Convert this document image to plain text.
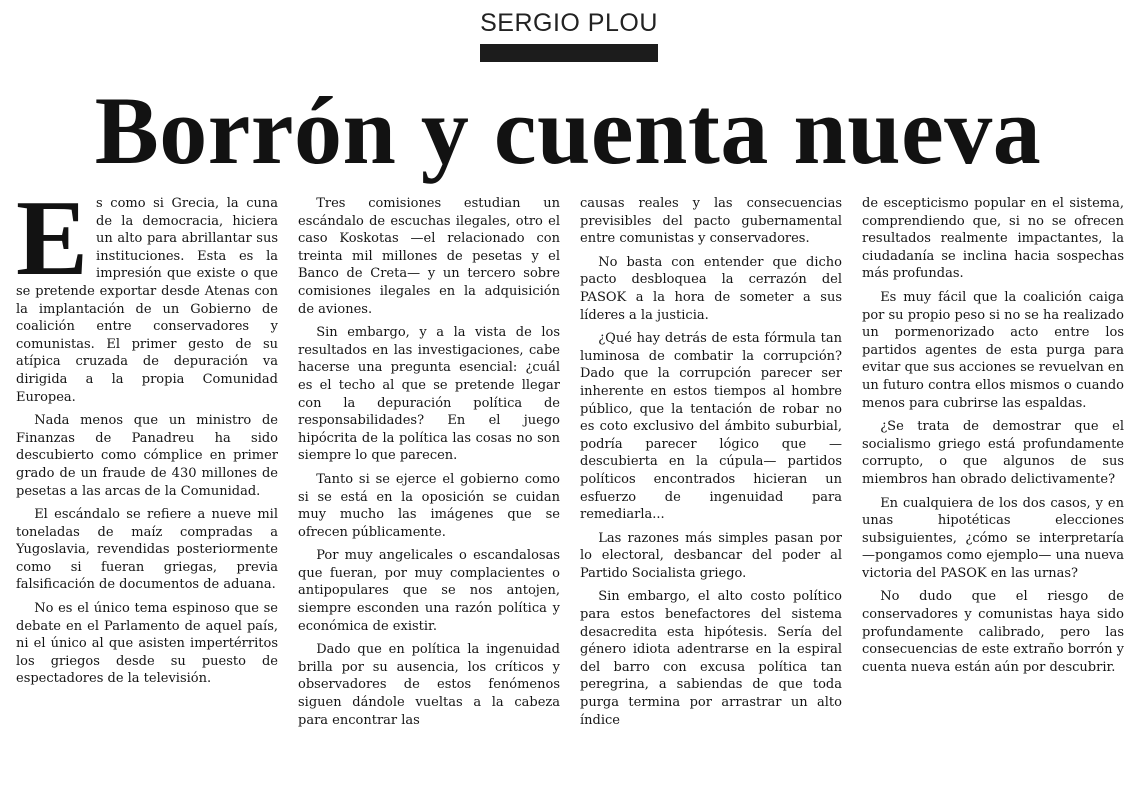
SERGIO PLOU
Borrón y cuenta nueva

Es como si Grecia, la cuna de la democracia, hiciera un alto para abrillantar sus instituciones. Esta es la impresión que existe o que se pretende exportar desde Atenas con la implantación de un Gobierno de coalición entre conservadores y comunistas. El primer gesto de su atípica cruzada de depuración va dirigida a la propia Comunidad Europea.

Nada menos que un ministro de Finanzas de Panadreu ha sido descubierto como cómplice en primer grado de un fraude de 430 millones de pesetas a las arcas de la Comunidad.

El escándalo se refiere a nueve mil toneladas de maíz compradas a Yugoslavia, revendidas posteriormente como si fueran griegas, previa falsificación de documentos de aduana.

No es el único tema espinoso que se debate en el Parlamento de aquel país, ni el único al que asisten impertérritos los griegos desde su puesto de espectadores de la televisión.

Tres comisiones estudian un escándalo de escuchas ilegales, otro el caso Koskotas —el relacionado con treinta mil millones de pesetas y el Banco de Creta— y un tercero sobre comisiones ilegales en la adquisición de aviones.

Sin embargo, y a la vista de los resultados en las investigaciones, cabe hacerse una pregunta esencial: ¿cuál es el techo al que se pretende llegar con la depuración política de responsabilidades? En el juego hipócrita de la política las cosas no son siempre lo que parecen.

Tanto si se ejerce el gobierno como si se está en la oposición se cuidan muy mucho las imágenes que se ofrecen públicamente.

Por muy angelicales o escandalosas que fueran, por muy complacientes o antipopulares que se nos antojen, siempre esconden una razón política y económica de existir.

Dado que en política la ingenuidad brilla por su ausencia, los críticos y observadores de estos fenómenos siguen dándole vueltas a la cabeza para encontrar las

causas reales y las consecuencias previsibles del pacto gubernamental entre comunistas y conservadores.

No basta con entender que dicho pacto desbloquea la cerrazón del PASOK a la hora de someter a sus líderes a la justicia.

¿Qué hay detrás de esta fórmula tan luminosa de combatir la corrupción? Dado que la corrupción parecer ser inherente en estos tiempos al hombre público, que la tentación de robar no es coto exclusivo del ámbito suburbial, podría parecer lógico que —descubierta en la cúpula— partidos políticos encontrados hicieran un esfuerzo de ingenuidad para remediarla...

Las razones más simples pasan por lo electoral, desbancar del poder al Partido Socialista griego.

Sin embargo, el alto costo político para estos benefactores del sistema desacredita esta hipótesis. Sería del género idiota adentrarse en la espiral del barro con excusa política tan peregrina, a sabiendas de que toda purga termina por arrastrar un alto índice

de escepticismo popular en el sistema, comprendiendo que, si no se ofrecen resultados realmente impactantes, la ciudadanía se inclina hacia sospechas más profundas.

Es muy fácil que la coalición caiga por su propio peso si no se ha realizado un pormenorizado acto entre los partidos agentes de esta purga para evitar que sus acciones se revuelvan en un futuro contra ellos mismos o cuando menos para cubrirse las espaldas.

¿Se trata de demostrar que el socialismo griego está profundamente corrupto, o que algunos de sus miembros han obrado delictivamente?

En cualquiera de los dos casos, y en unas hipotéticas elecciones subsiguientes, ¿cómo se interpretaría —pongamos como ejemplo— una nueva victoria del PASOK en las urnas?

No dudo que el riesgo de conservadores y comunistas haya sido profundamente calibrado, pero las consecuencias de este extraño borrón y cuenta nueva están aún por descubrir.
